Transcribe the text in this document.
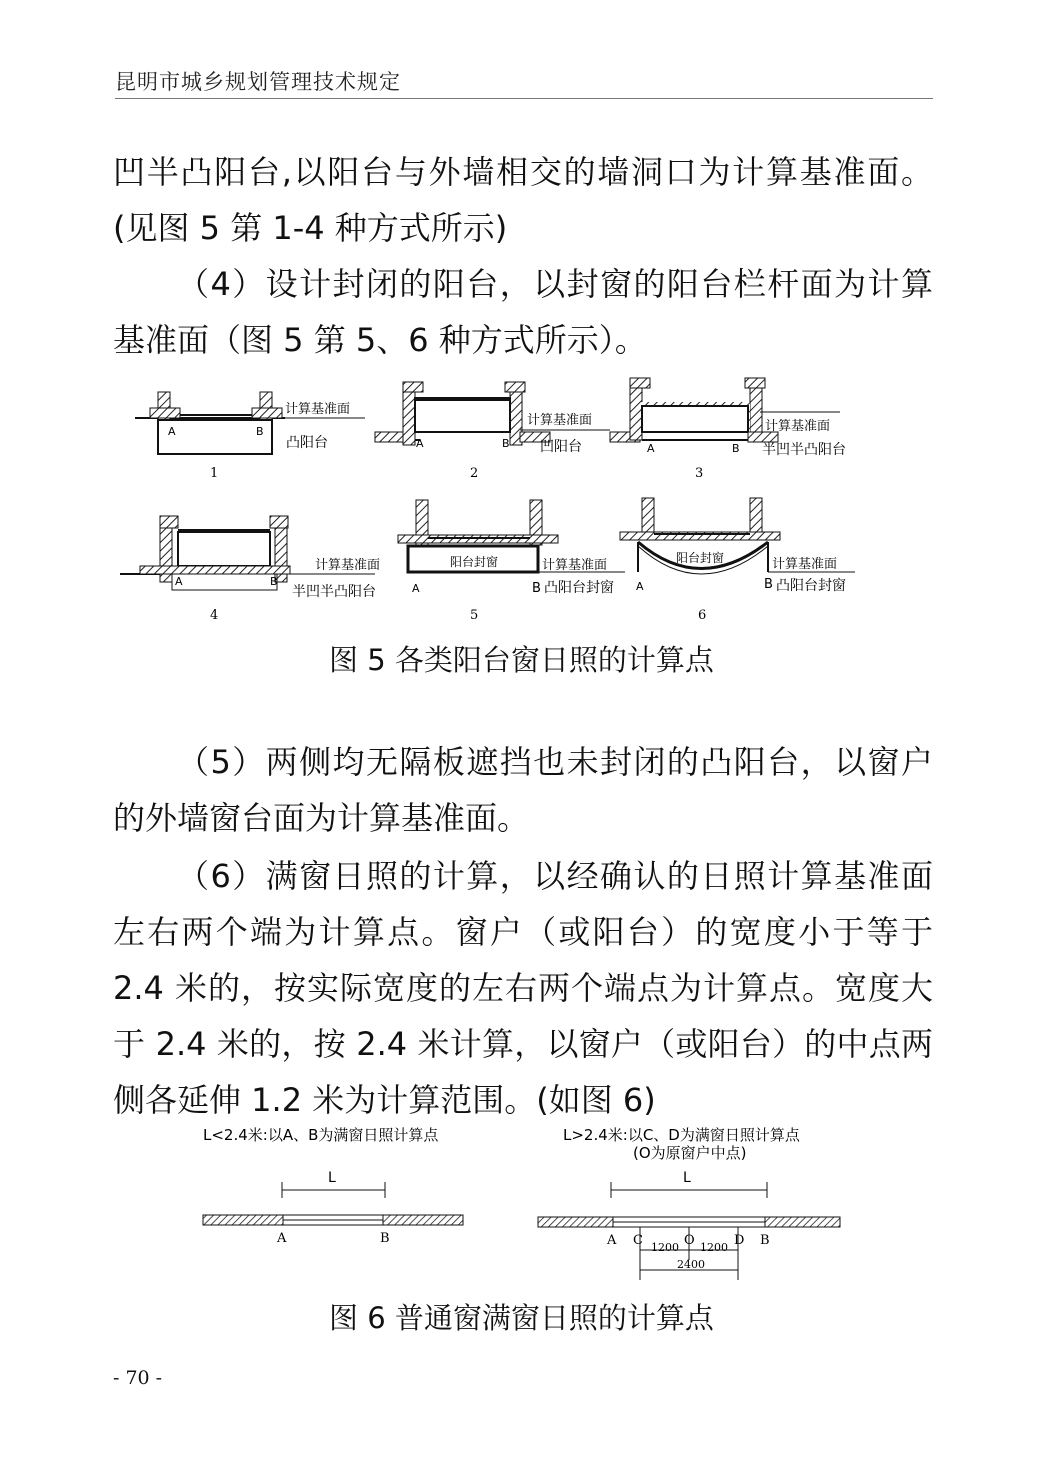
昆明市城乡规划管理技术规定

凹半凸阳台,以阳台与外墙相交的墙洞口为计算基准面。(见图 5 第 1-4 种方式所示)

（4）设计封闭的阳台，以封窗的阳台栏杆面为计算基准面（图 5 第 5、6 种方式所示）。

计算基准面
A	B
凸阳台
1
计算基准面
A	B 凹阳台
2
计算基准面
A	B 半凹半凸阳台
3
计算基准面
A	B
半凹半凸阳台
4
阳台封窗	计算基准面
A	B 凸阳台封窗
5
阳台封窗	计算基准面
A	B 凸阳台封窗
6
图 5 各类阳台窗日照的计算点

（5）两侧均无隔板遮挡也未封闭的凸阳台，以窗户的外墙窗台面为计算基准面。

（6）满窗日照的计算，以经确认的日照计算基准面左右两个端为计算点。窗户（或阳台）的宽度小于等于 2.4 米的，按实际宽度的左右两个端点为计算点。宽度大于 2.4 米的，按 2.4 米计算，以窗户（或阳台）的中点两侧各延伸 1.2 米为计算范围。(如图 6)

L<2.4米:以A、B为满窗日照计算点
L
A	B
L>2.4米:以C、D为满窗日照计算点
(O为原窗户中点)
L
A C	O	D B
1200 1200
2400
图 6 普通窗满窗日照的计算点
- 70 -
